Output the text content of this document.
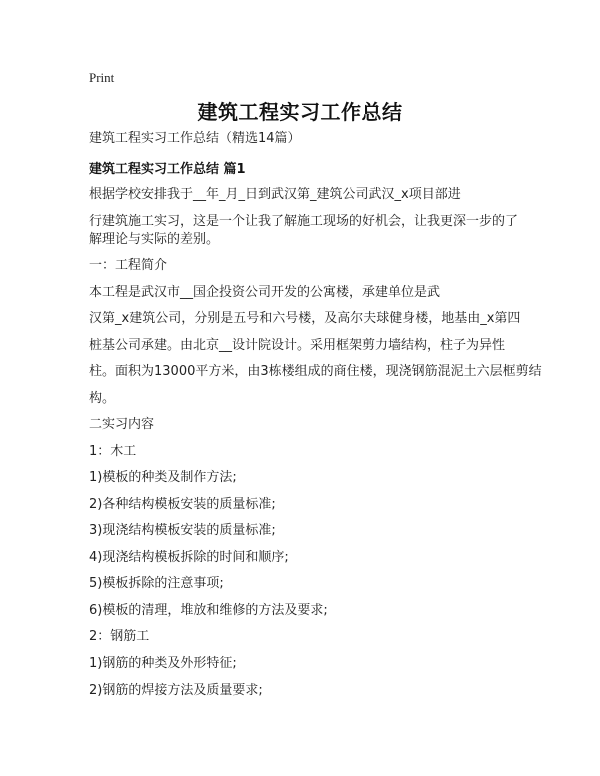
Print
建筑工程实习工作总结
建筑工程实习工作总结（精选14篇）
建筑工程实习工作总结 篇1
根据学校安排我于__年_月_日到武汉第_建筑公司武汉_x项目部进
行建筑施工实习，这是一个让我了解施工现场的好机会，让我更深一步的了解理论与实际的差别。
一：工程简介
本工程是武汉市__国企投资公司开发的公寓楼，承建单位是武
汉第_x建筑公司，分别是五号和六号楼，及高尔夫球健身楼，地基由_x第四
桩基公司承建。由北京__设计院设计。采用框架剪力墙结构，柱子为异性
柱。面积为13000平方米，由3栋楼组成的商住楼，现浇钢筋混泥土六层框剪结
构。
二实习内容
1：木工
1)模板的种类及制作方法;
2)各种结构模板安装的质量标准;
3)现浇结构模板安装的质量标准;
4)现浇结构模板拆除的时间和顺序;
5)模板拆除的注意事项;
6)模板的清理，堆放和维修的方法及要求;
2：钢筋工
1)钢筋的种类及外形特征;
2)钢筋的焊接方法及质量要求;
